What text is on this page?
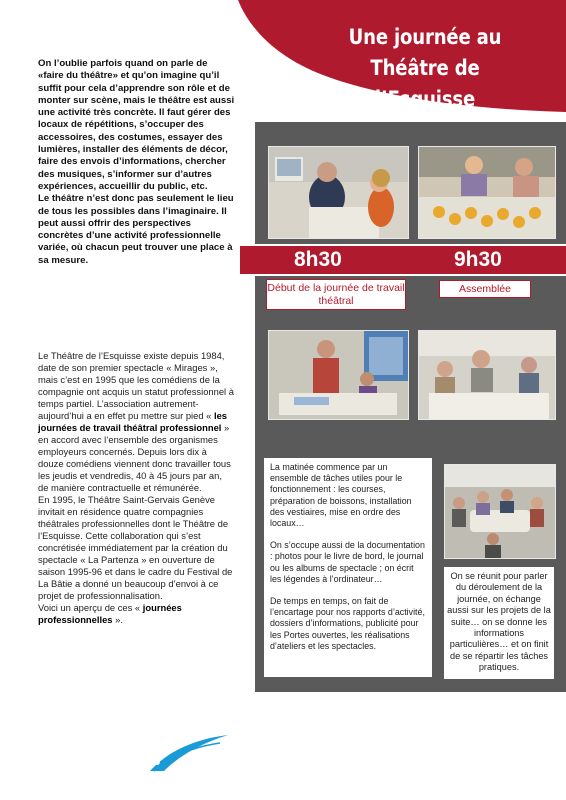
On l’oublie parfois quand on parle de «faire du théâtre» et qu’on imagine qu’il suffit pour cela d’apprendre son rôle et de monter sur scène, mais le théâtre est aussi une activité très concrète. Il faut gérer des locaux de répétitions, s’occuper des accessoires, des costumes, essayer des lumières, installer des éléments de décor, faire des envois d’informations, chercher des musiques, s’informer sur d’autres expériences, accueillir du public, etc.

Le théâtre n’est donc pas seulement le lieu de tous les possibles dans l’imaginaire. Il peut aussi offrir des perspectives concrètes d’une activité professionnelle variée, où chacun peut trouver une place à sa mesure.

Le Théâtre de l’Esquisse existe depuis 1984, date de son premier spectacle « Mirages », mais c’est en 1995 que les comédiens de la compagnie ont acquis un statut professionnel à temps partiel. L’association autrement-aujourd’hui a en effet pu mettre sur pied « les journées de travail théâtral professionnel » en accord avec l’ensemble des organismes employeurs concernés. Depuis lors dix à douze comédiens viennent donc travailler tous les jeudis et vendredis, 40 à 45 jours par an, de manière contractuelle et rémunérée.

En 1995, le Théâtre Saint-Gervais Genève invitait en résidence quatre compagnies théâtrales professionnelles dont le Théâtre de l’Esquisse. Cette collaboration qui s’est concrétisée immédiatement par la création du spectacle « La Partenza » en ouverture de saison 1995-96 et dans le cadre du Festival de La Bâtie a donné un beaucoup d’envoi à ce projet de professionnalisation.

Voici un aperçu de ces « journées professionnelles ».

Une journée au
Théâtre de l’Esquisse
8h30	9h30
Début de la journée de travail théâtral
Assemblée

La matinée commence par un ensemble de tâches utiles pour le fonctionnement : les courses, préparation de boissons, installation des vestiaires, mise en ordre des locaux…

On s’occupe aussi de la documentation : photos pour le livre de bord, le journal ou les albums de spectacle ; on écrit les légendes à l’ordinateur…

De temps en temps, on fait de l’encartage pour nos rapports d’activité, dossiers d’informations, publicité pour les Portes ouvertes, les réalisations d’ateliers et les spectacles.

On se réunit pour parler du déroulement de la journée, on échange aussi sur les projets de la suite… on se donne les informations particulières… et on finit de se répartir les tâches pratiques.
3
